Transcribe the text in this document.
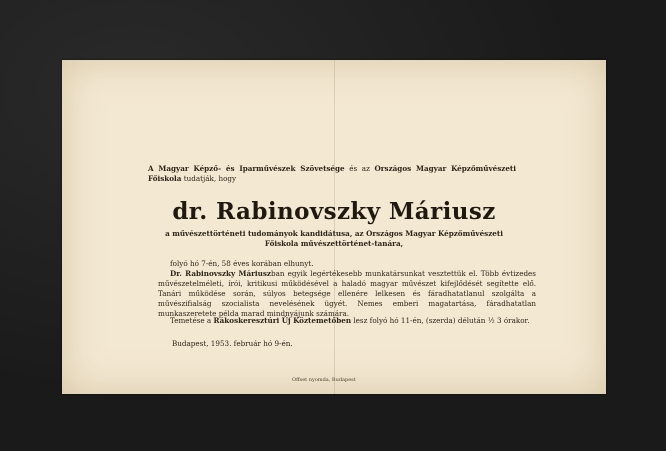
A Magyar Képző- és Iparművészek Szövetsége és az Országos Magyar Képzőművészeti Főiskola tudatják, hogy
dr. Rabinovszky Máriusz
a művészettörténeti tudományok kandidátusa, az Országos Magyar Képzőművészeti
Főiskola művészettörténet-tanára,
folyó hó 7-én, 58 éves korában elhunyt.
Dr. Rabinovszky Máriuszban egyik legértékesebb munkatársunkat vesztettük el. Több évtizedes művészetelméleti, írói, kritikusi működésével a haladó magyar művészet kifejlődését segítette elő. Tanári működése során, súlyos betegsége ellenére lelkesen és fáradhatatlanul szolgálta a művészifialság szocialista nevelésének ügyét. Nemes emberi magatartása, fáradhatatlan munkaszeretete példa marad mindnyájunk számára.
Temetése a Rákoskeresztúri Új Köztemetőben lesz folyó hó 11-én, (szerda) délután ½ 3 órakor.
Budapest, 1953. február hó 9-én.
Offset nyomda, Budapest
